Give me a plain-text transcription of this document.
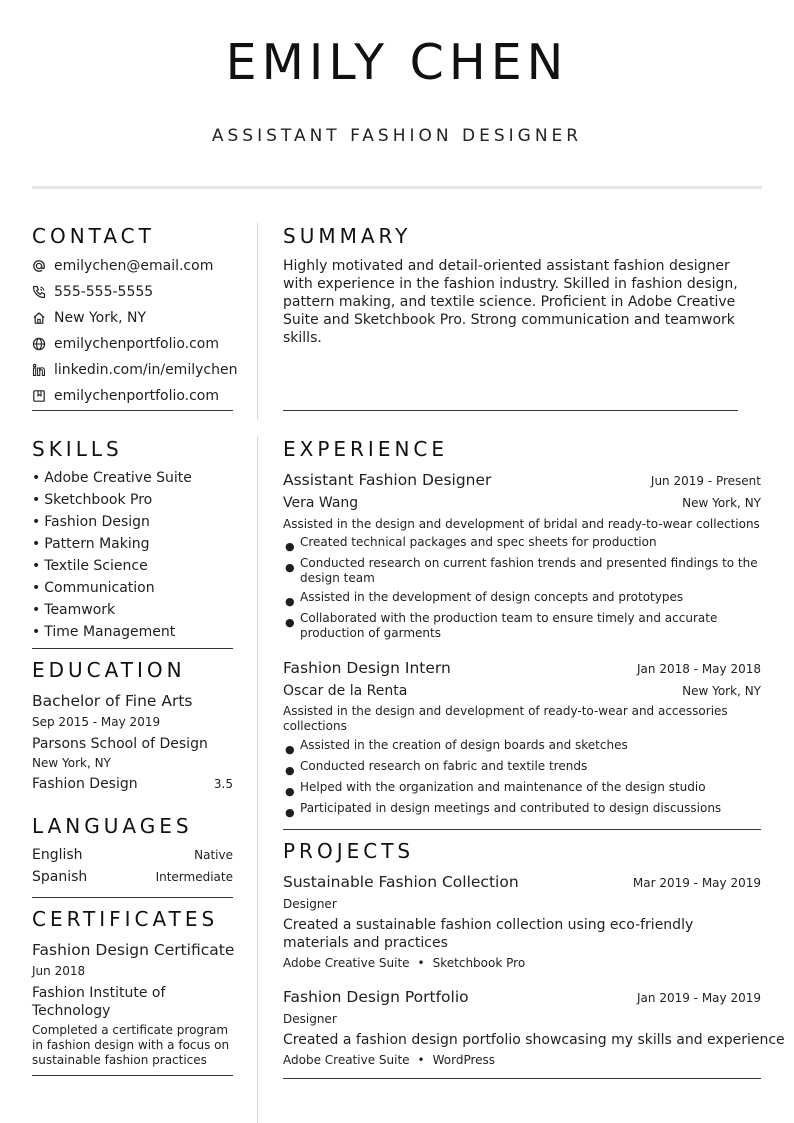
EMILY CHEN
ASSISTANT FASHION DESIGNER
CONTACT
emilychen@email.com
555-555-5555
New York, NY
emilychenportfolio.com
linkedin.com/in/emilychen
emilychenportfolio.com
SKILLS
• Adobe Creative Suite
• Sketchbook Pro
• Fashion Design
• Pattern Making
• Textile Science
• Communication
• Teamwork
• Time Management
EDUCATION
Bachelor of Fine Arts
Sep 2015 - May 2019
Parsons School of Design
New York, NY
Fashion Design	3.5
LANGUAGES
English	Native
Spanish	Intermediate
CERTIFICATES
Fashion Design Certificate
Jun 2018
Fashion Institute of Technology
Completed a certificate program in fashion design with a focus on sustainable fashion practices
SUMMARY
Highly motivated and detail-oriented assistant fashion designer with experience in the fashion industry. Skilled in fashion design, pattern making, and textile science. Proficient in Adobe Creative Suite and Sketchbook Pro. Strong communication and teamwork skills.
EXPERIENCE
Assistant Fashion Designer	Jun 2019 - Present
Vera Wang	New York, NY
Assisted in the design and development of bridal and ready-to-wear collections
● Created technical packages and spec sheets for production
● Conducted research on current fashion trends and presented findings to the design team
● Assisted in the development of design concepts and prototypes
● Collaborated with the production team to ensure timely and accurate production of garments
Fashion Design Intern	Jan 2018 - May 2018
Oscar de la Renta	New York, NY
Assisted in the design and development of ready-to-wear and accessories collections
● Assisted in the creation of design boards and sketches
● Conducted research on fabric and textile trends
● Helped with the organization and maintenance of the design studio
● Participated in design meetings and contributed to design discussions
PROJECTS
Sustainable Fashion Collection	Mar 2019 - May 2019
Designer
Created a sustainable fashion collection using eco-friendly materials and practices
Adobe Creative Suite • Sketchbook Pro
Fashion Design Portfolio	Jan 2019 - May 2019
Designer
Created a fashion design portfolio showcasing my skills and experience
Adobe Creative Suite • WordPress
